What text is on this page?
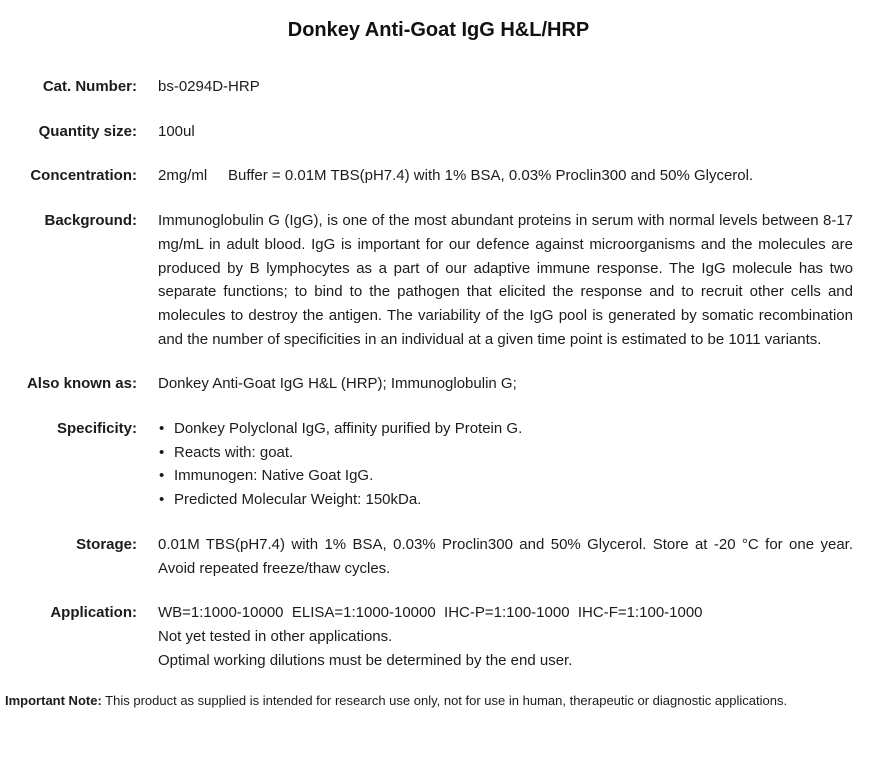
Donkey Anti-Goat IgG H&L/HRP
Cat. Number: bs-0294D-HRP
Quantity size: 100ul
Concentration: 2mg/ml     Buffer = 0.01M TBS(pH7.4) with 1% BSA, 0.03% Proclin300 and 50% Glycerol.
Background: Immunoglobulin G (IgG), is one of the most abundant proteins in serum with normal levels between 8-17 mg/mL in adult blood. IgG is important for our defence against microorganisms and the molecules are produced by B lymphocytes as a part of our adaptive immune response. The IgG molecule has two separate functions; to bind to the pathogen that elicited the response and to recruit other cells and molecules to destroy the antigen. The variability of the IgG pool is generated by somatic recombination and the number of specificities in an individual at a given time point is estimated to be 1011 variants.
Also known as: Donkey Anti-Goat IgG H&L (HRP); Immunoglobulin G;
Specificity:	• Donkey Polyclonal IgG, affinity purified by Protein G.
• Reacts with: goat.
• Immunogen: Native Goat IgG.
• Predicted Molecular Weight: 150kDa.
Storage: 0.01M TBS(pH7.4) with 1% BSA, 0.03% Proclin300 and 50% Glycerol. Store at -20 °C for one year. Avoid repeated freeze/thaw cycles.
Application: WB=1:1000-10000  ELISA=1:1000-10000  IHC-P=1:100-1000  IHC-F=1:100-1000
Not yet tested in other applications.
Optimal working dilutions must be determined by the end user.
Important Note: This product as supplied is intended for research use only, not for use in human, therapeutic or diagnostic applications.
